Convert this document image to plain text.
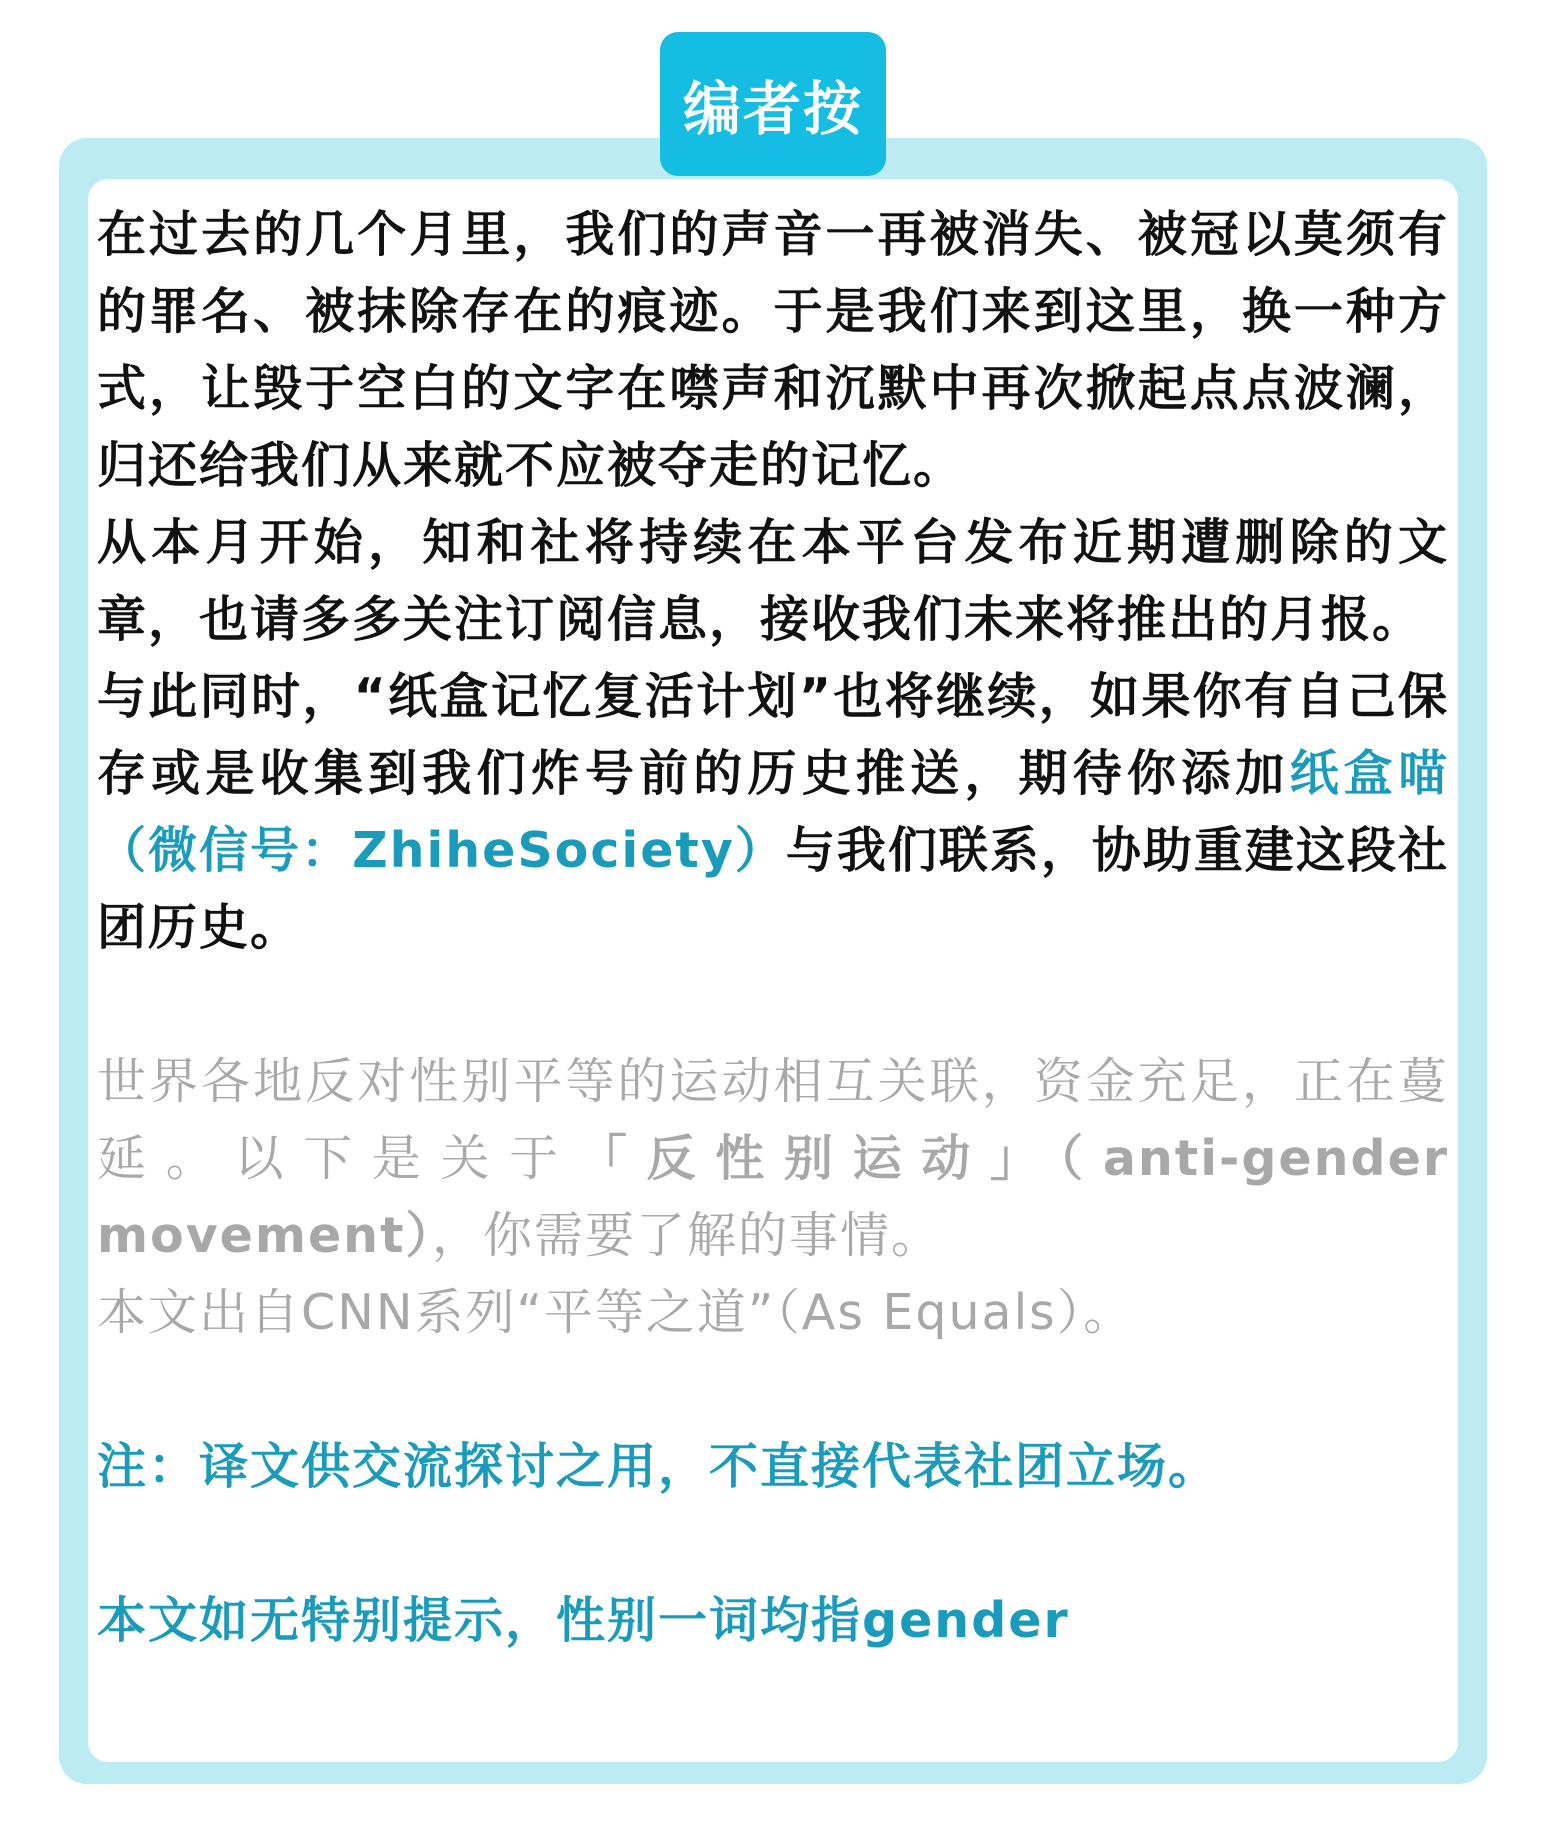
编者按

在过去的几个月里，我们的声音一再被消失、被冠以莫须有的罪名、被抹除存在的痕迹。于是我们来到这里，换一种方式，让毁于空白的文字在噤声和沉默中再次掀起点点波澜，归还给我们从来就不应被夺走的记忆。

从本月开始，知和社将持续在本平台发布近期遭删除的文章，也请多多关注订阅信息，接收我们未来将推出的月报。

与此同时，“纸盒记忆复活计划”也将继续，如果你有自己保存或是收集到我们炸号前的历史推送，期待你添加纸盒喵（微信号：ZhiheSociety）与我们联系，协助重建这段社团历史。

世界各地反对性别平等的运动相互关联，资金充足，正在蔓延。以下是关于「反性别运动」（anti-gender movement），你需要了解的事情。

本文出自CNN系列“平等之道”（As Equals）。

注：译文供交流探讨之用，不直接代表社团立场。

本文如无特别提示，性别一词均指gender
